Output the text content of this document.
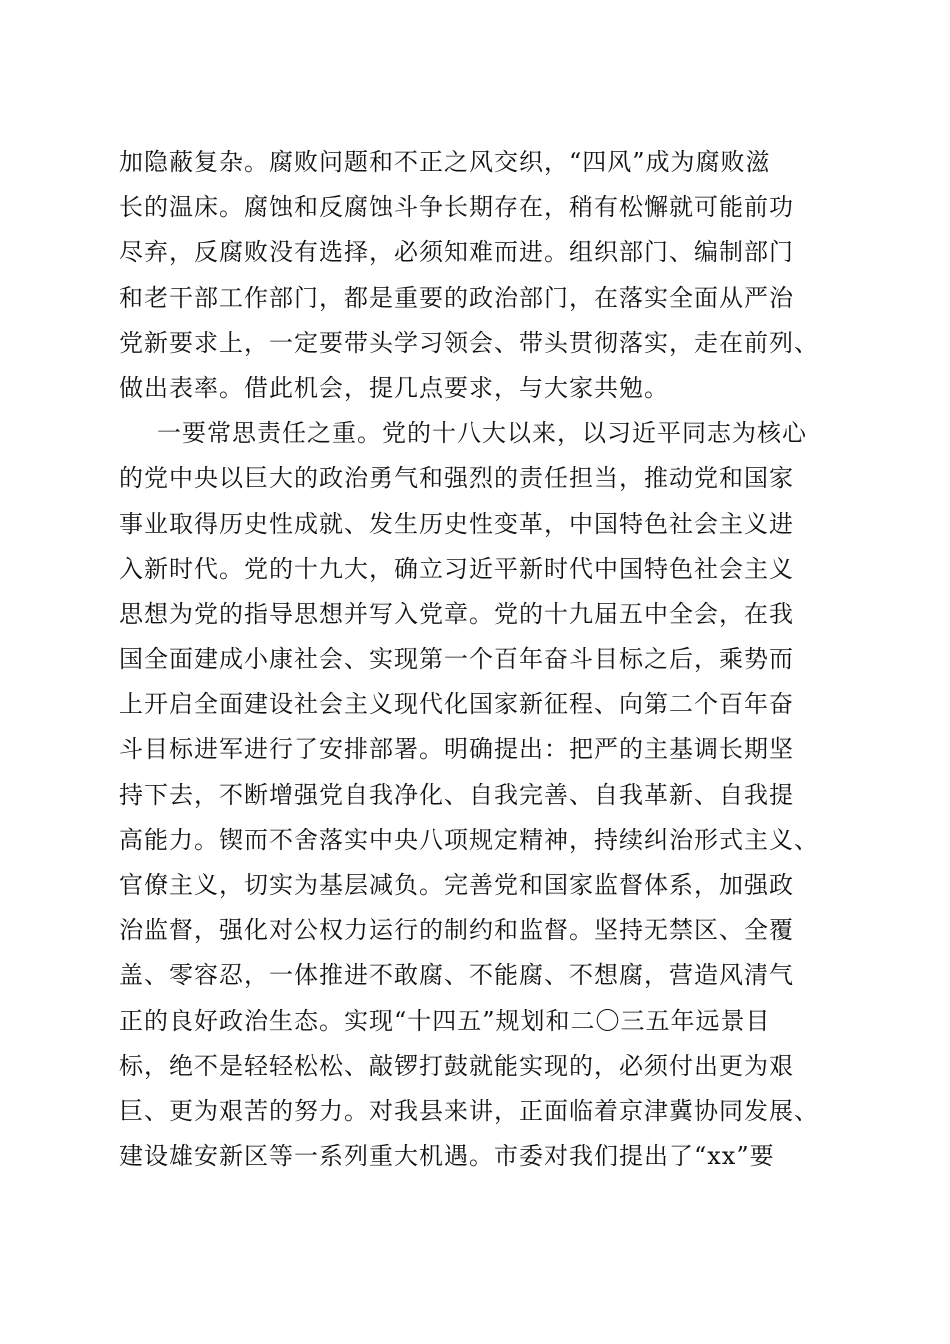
加隐蔽复杂。腐败问题和不正之风交织，“四风”成为腐败滋
长的温床。腐蚀和反腐蚀斗争长期存在，稍有松懈就可能前功
尽弃，反腐败没有选择，必须知难而进。组织部门、编制部门
和老干部工作部门，都是重要的政治部门，在落实全面从严治
党新要求上，一定要带头学习领会、带头贯彻落实，走在前列、
做出表率。借此机会，提几点要求，与大家共勉。
一要常思责任之重。党的十八大以来，以习近平同志为核心
的党中央以巨大的政治勇气和强烈的责任担当，推动党和国家
事业取得历史性成就、发生历史性变革，中国特色社会主义进
入新时代。党的十九大，确立习近平新时代中国特色社会主义
思想为党的指导思想并写入党章。党的十九届五中全会，在我
国全面建成小康社会、实现第一个百年奋斗目标之后，乘势而
上开启全面建设社会主义现代化国家新征程、向第二个百年奋
斗目标进军进行了安排部署。明确提出：把严的主基调长期坚
持下去，不断增强党自我净化、自我完善、自我革新、自我提
高能力。锲而不舍落实中央八项规定精神，持续纠治形式主义、
官僚主义，切实为基层减负。完善党和国家监督体系，加强政
治监督，强化对公权力运行的制约和监督。坚持无禁区、全覆
盖、零容忍，一体推进不敢腐、不能腐、不想腐，营造风清气
正的良好政治生态。实现“十四五”规划和二〇三五年远景目
标，绝不是轻轻松松、敲锣打鼓就能实现的，必须付出更为艰
巨、更为艰苦的努力。对我县来讲，正面临着京津冀协同发展、
建设雄安新区等一系列重大机遇。市委对我们提出了“xx”要
